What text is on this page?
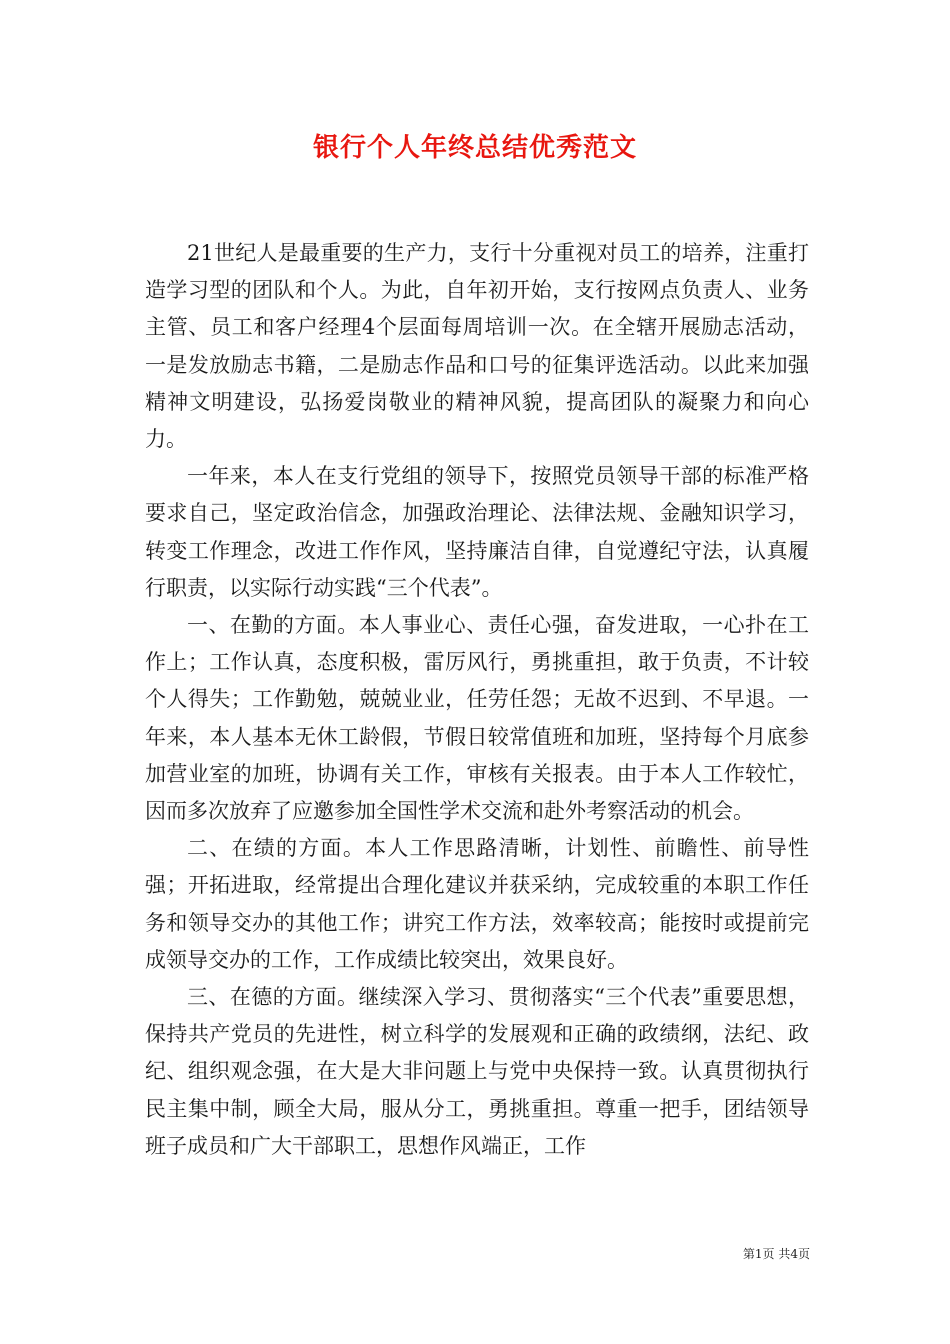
银行个人年终总结优秀范文

21世纪人是最重要的生产力，支行十分重视对员工的培养，注重打造学习型的团队和个人。为此，自年初开始，支行按网点负责人、业务主管、员工和客户经理4个层面每周培训一次。在全辖开展励志活动，一是发放励志书籍，二是励志作品和口号的征集评选活动。以此来加强精神文明建设，弘扬爱岗敬业的精神风貌，提高团队的凝聚力和向心力。

一年来，本人在支行党组的领导下，按照党员领导干部的标准严格要求自己，坚定政治信念，加强政治理论、法律法规、金融知识学习，转变工作理念，改进工作作风，坚持廉洁自律，自觉遵纪守法，认真履行职责，以实际行动实践“三个代表”。

一、在勤的方面。本人事业心、责任心强，奋发进取，一心扑在工作上；工作认真，态度积极，雷厉风行，勇挑重担，敢于负责，不计较个人得失；工作勤勉，兢兢业业，任劳任怨；无故不迟到、不早退。一年来，本人基本无休工龄假，节假日较常值班和加班，坚持每个月底参加营业室的加班，协调有关工作，审核有关报表。由于本人工作较忙，因而多次放弃了应邀参加全国性学术交流和赴外考察活动的机会。

二、在绩的方面。本人工作思路清晰，计划性、前瞻性、前导性强；开拓进取，经常提出合理化建议并获采纳，完成较重的本职工作任务和领导交办的其他工作；讲究工作方法，效率较高；能按时或提前完成领导交办的工作，工作成绩比较突出，效果良好。

三、在德的方面。继续深入学习、贯彻落实“三个代表”重要思想，保持共产党员的先进性，树立科学的发展观和正确的政绩纲，法纪、政纪、组织观念强，在大是大非问题上与党中央保持一致。认真贯彻执行民主集中制，顾全大局，服从分工，勇挑重担。尊重一把手，团结领导班子成员和广大干部职工，思想作风端正，工作

第1页 共4页
